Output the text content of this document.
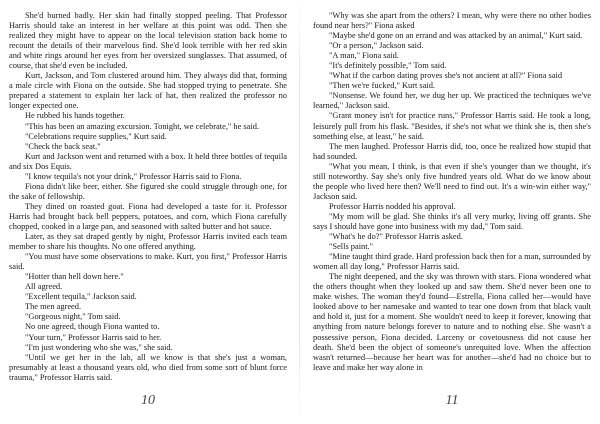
She'd burned badly. Her skin had finally stopped peeling. That Professor Harris should take an interest in her welfare at this point was odd. Then she realized they might have to appear on the local television station back home to recount the details of their marvelous find. She'd look terrible with her red skin and white rings around her eyes from her oversized sunglasses. That assumed, of course, that she'd even be included.

Kurt, Jackson, and Tom clustered around him. They always did that, forming a male circle with Fiona on the outside. She had stopped trying to penetrate. She prepared a statement to explain her lack of hat, then realized the professor no longer expected one.

He rubbed his hands together.

"This has been an amazing excursion. Tonight, we celebrate," he said.

"Celebrations require supplies," Kurt said.

"Check the back seat."

Kurt and Jackson went and returned with a box. It held three bottles of tequila and six Dos Equis.

"I know tequila's not your drink," Professor Harris said to Fiona.

Fiona didn't like beer, either. She figured she could struggle through one, for the sake of fellowship.

They dined on roasted goat. Fiona had developed a taste for it. Professor Harris had brought back bell peppers, potatoes, and corn, which Fiona carefully chopped, cooked in a large pan, and seasoned with salted butter and hot sauce.

Later, as they sat draped gently by night, Professor Harris invited each team member to share his thoughts. No one offered anything.

"You must have some observations to make. Kurt, you first," Professor Harris said.

"Hotter than hell down here."

All agreed.

"Excellent tequila," Jackson said.

The men agreed.

"Gorgeous night," Tom said.

No one agreed, though Fiona wanted to.

"Your turn," Professor Harris said to her.

"I'm just wondering who she was," she said.

"Until we get her in the lab, all we know is that she's just a woman, presumably at least a thousand years old, who died from some sort of blunt force trauma," Professor Harris said.

10

"Why was she apart from the others? I mean, why were there no other bodies found near hers?" Fiona asked

"Maybe she'd gone on an errand and was attacked by an animal," Kurt said.

"Or a person," Jackson said.

"A man," Fiona said.

"It's definitely possible," Tom said.

"What if the carbon dating proves she's not ancient at all?" Fiona said

"Then we're fucked," Kurt said.

"Nonsense. We found her, we dug her up. We practiced the techniques we've learned," Jackson said.

"Grant money isn't for practice runs," Professor Harris said. He took a long, leisurely pull from his flask. "Besides, if she's not what we think she is, then she's something else, at least," he said.

The men laughed. Professor Harris did, too, once he realized how stupid that had sounded.

"What you mean, I think, is that even if she's younger than we thought, it's still noteworthy. Say she's only five hundred years old. What do we know about the people who lived here then? We'll need to find out. It's a win-win either way," Jackson said.

Professor Harris nodded his approval.

"My mom will be glad. She thinks it's all very murky, living off grants. She says I should have gone into business with my dad," Tom said.

"What's he do?" Professor Harris asked.

"Sells paint."

"Mine taught third grade. Hard profession back then for a man, surrounded by women all day long," Professor Harris said.

The night deepened, and the sky was thrown with stars. Fiona wondered what the others thought when they looked up and saw them. She'd never been one to make wishes. The woman they'd found—Estrella, Fiona called her—would have looked above to her namesake and wanted to tear one down from that black vault and hold it, just for a moment. She wouldn't need to keep it forever, knowing that anything from nature belongs forever to nature and to nothing else. She wasn't a possessive person, Fiona decided. Larceny or covetousness did not cause her death. She'd been the object of someone's unrequited love. When the affection wasn't returned—because her heart was for another—she'd had no choice but to leave and make her way alone in

11
